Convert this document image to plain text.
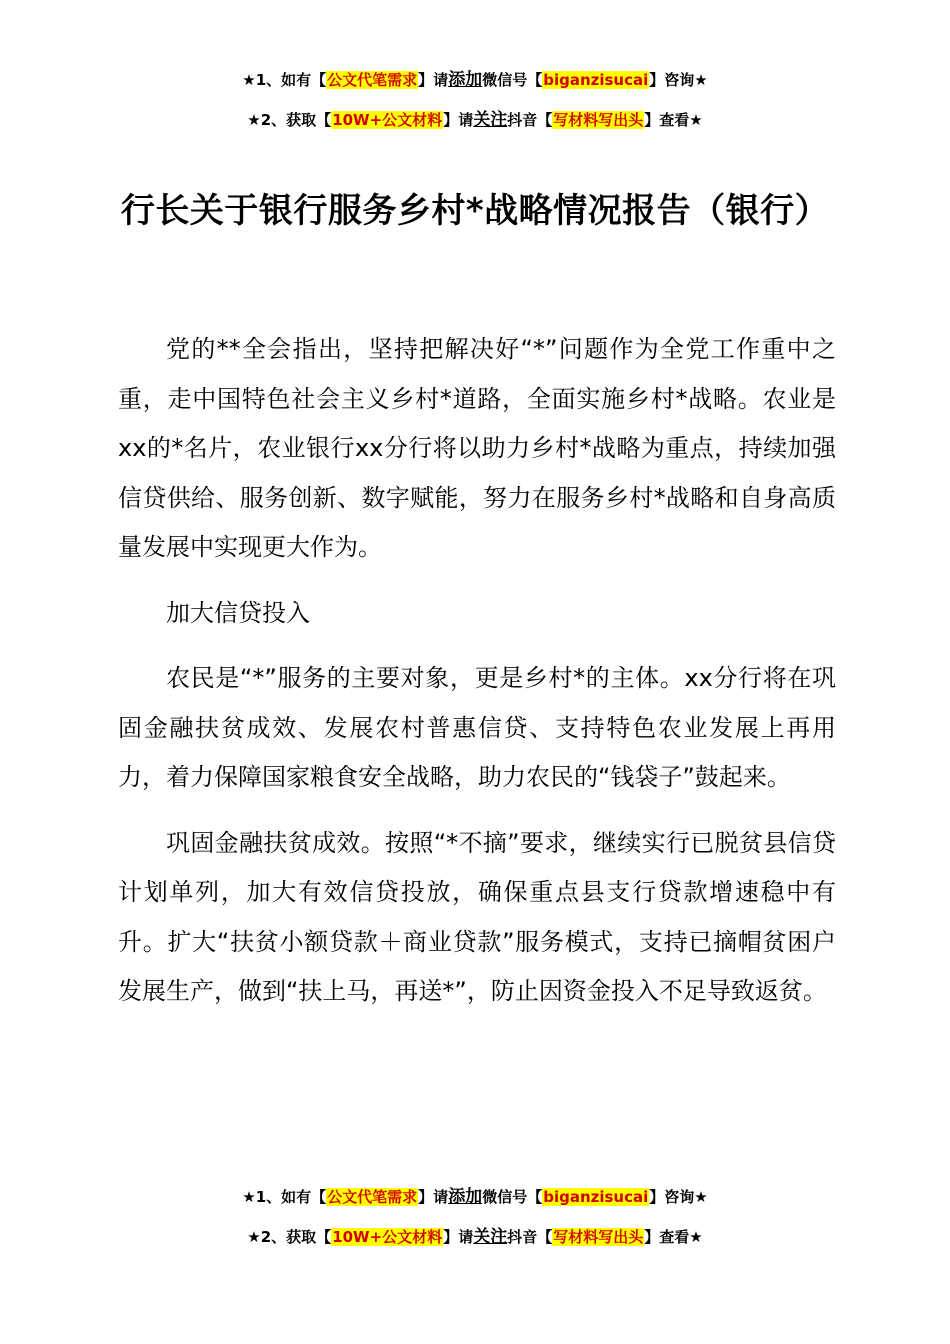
★1、如有【公文代笔需求】请添加微信号【biganzisucai】咨询★
★2、获取【10W+公文材料】请关注抖音【写材料写出头】查看★
行长关于银行服务乡村*战略情况报告（银行）

党的**全会指出，坚持把解决好“*”问题作为全党工作重中之重，走中国特色社会主义乡村*道路，全面实施乡村*战略。农业是xx的*名片，农业银行xx分行将以助力乡村*战略为重点，持续加强信贷供给、服务创新、数字赋能，努力在服务乡村*战略和自身高质量发展中实现更大作为。

加大信贷投入

农民是“*”服务的主要对象，更是乡村*的主体。xx分行将在巩固金融扶贫成效、发展农村普惠信贷、支持特色农业发展上再用力，着力保障国家粮食安全战略，助力农民的“钱袋子”鼓起来。

巩固金融扶贫成效。按照“*不摘”要求，继续实行已脱贫县信贷计划单列，加大有效信贷投放，确保重点县支行贷款增速稳中有升。扩大“扶贫小额贷款＋商业贷款”服务模式，支持已摘帽贫困户发展生产，做到“扶上马，再送*”，防止因资金投入不足导致返贫。

★1、如有【公文代笔需求】请添加微信号【biganzisucai】咨询★
★2、获取【10W+公文材料】请关注抖音【写材料写出头】查看★
